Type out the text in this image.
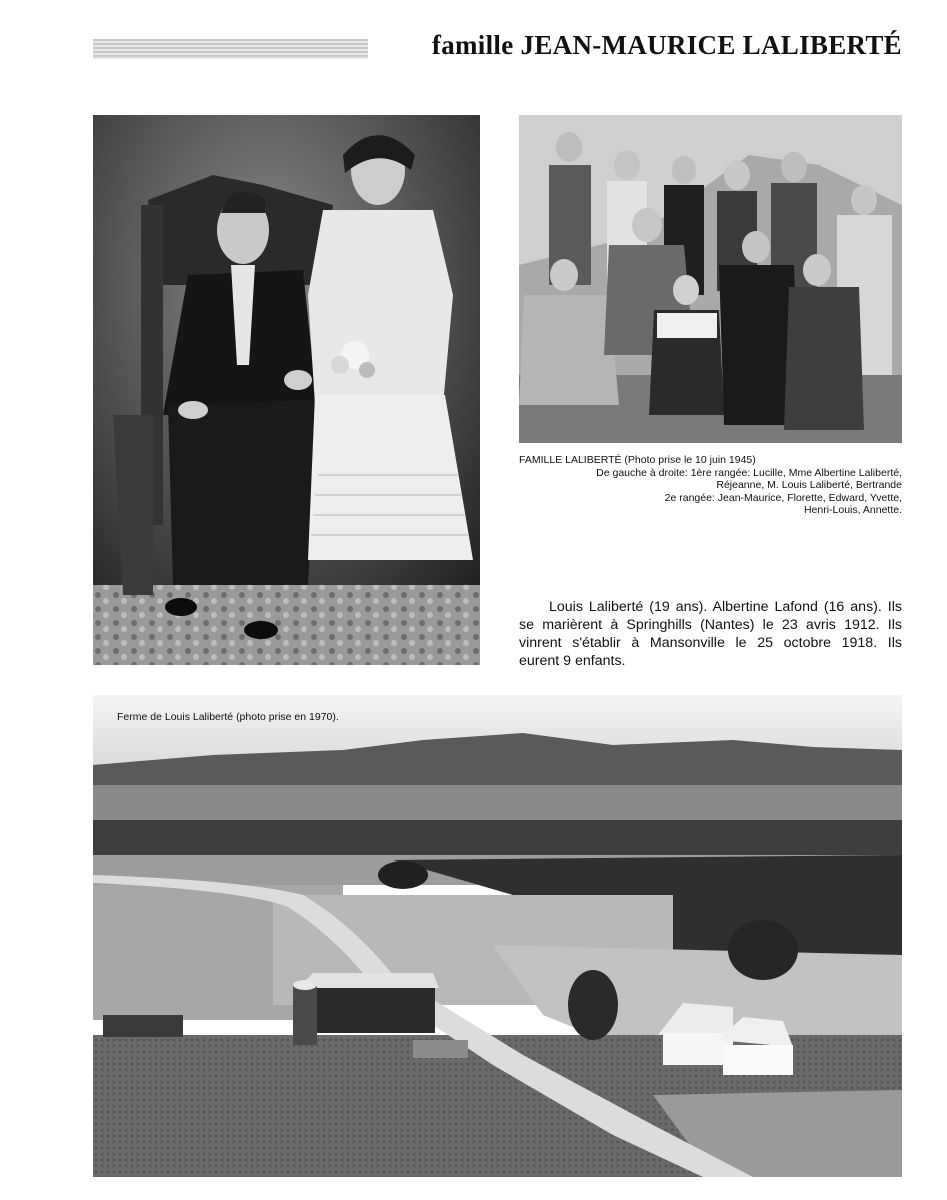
famille JEAN-MAURICE LALIBERTÉ
FAMILLE LALIBERTÉ (Photo prise le 10 juin 1945)
De gauche à droite: 1ère rangée: Lucille, Mme Albertine Laliberté,
Réjeanne, M. Louis Laliberté, Bertrande
2e rangée: Jean-Maurice, Florette, Edward, Yvette,
Henri-Louis, Annette.
Louis Laliberté (19 ans). Albertine Lafond (16 ans). Ils
se marièrent à Springhills (Nantes) le 23 avris 1912. Ils
vinrent s'établir à Mansonville le 25 octobre 1918. Ils
eurent 9 enfants.
Ferme de Louis Laliberté (photo prise en 1970).
